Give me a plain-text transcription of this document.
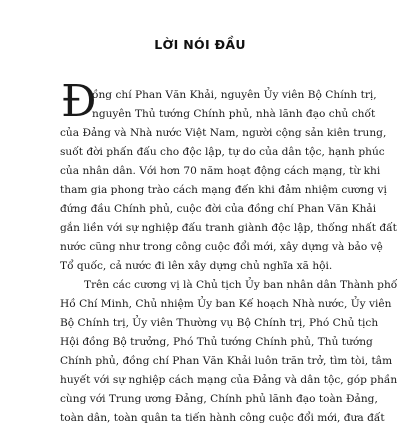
LỜI NÓI ĐẦU
Đ
ồng chí Phan Văn Khải, nguyên Ủy viên Bộ Chính trị,
nguyên Thủ tướng Chính phủ, nhà lãnh đạo chủ chốt
của Đảng và Nhà nước Việt Nam, người cộng sản kiên trung,
suốt đời phấn đấu cho độc lập, tự do của dân tộc, hạnh phúc
của nhân dân. Với hơn 70 năm hoạt động cách mạng, từ khi
tham gia phong trào cách mạng đến khi đảm nhiệm cương vị
đứng đầu Chính phủ, cuộc đời của đồng chí Phan Văn Khải
gắn liền với sự nghiệp đấu tranh giành độc lập, thống nhất đất
nước cũng như trong công cuộc đổi mới, xây dựng và bảo vệ
Tổ quốc, cả nước đi lên xây dựng chủ nghĩa xã hội.
Trên các cương vị là Chủ tịch Ủy ban nhân dân Thành phố
Hồ Chí Minh, Chủ nhiệm Ủy ban Kế hoạch Nhà nước, Ủy viên
Bộ Chính trị, Ủy viên Thường vụ Bộ Chính trị, Phó Chủ tịch
Hội đồng Bộ trưởng, Phó Thủ tướng Chính phủ, Thủ tướng
Chính phủ, đồng chí Phan Văn Khải luôn trăn trở, tìm tòi, tâm
huyết với sự nghiệp cách mạng của Đảng và dân tộc, góp phần
cùng với Trung ương Đảng, Chính phủ lãnh đạo toàn Đảng,
toàn dân, toàn quân ta tiến hành công cuộc đổi mới, đưa đất
